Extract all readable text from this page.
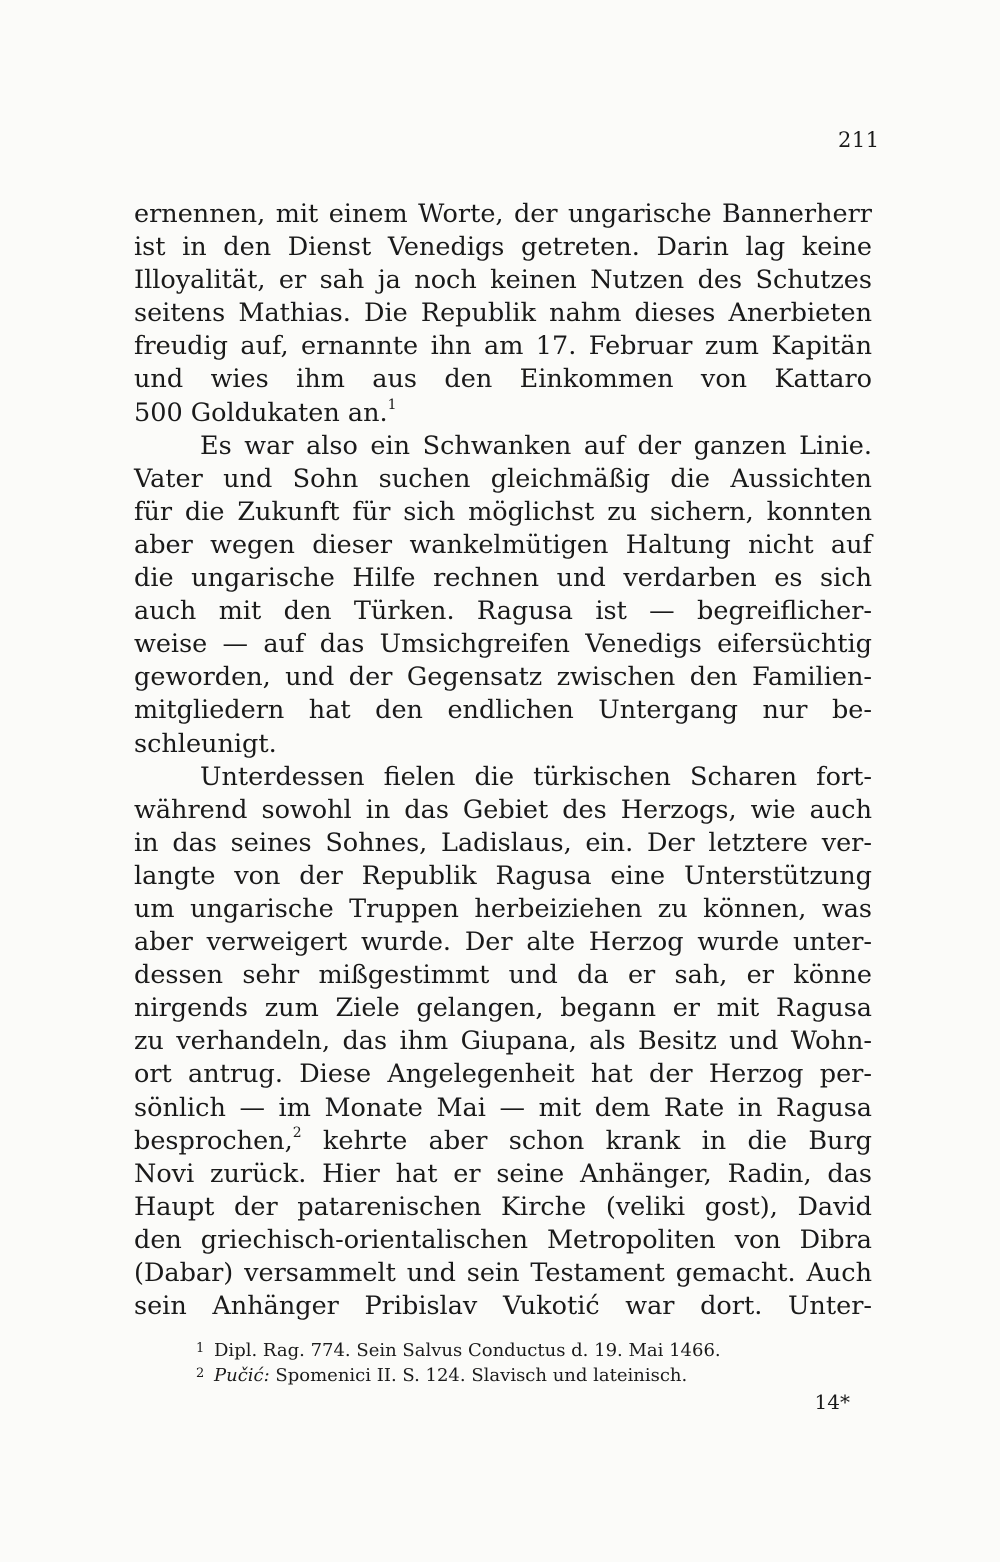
211
ernennen, mit einem Worte, der ungarische Bannerherr
ist in den Dienst Venedigs getreten. Darin lag keine
Illoyalität, er sah ja noch keinen Nutzen des Schutzes
seitens Mathias. Die Republik nahm dieses Anerbieten
freudig auf, ernannte ihn am 17. Februar zum Kapitän
und wies ihm aus den Einkommen von Kattaro
500 Goldukaten an.$^1$
Es war also ein Schwanken auf der ganzen Linie.
Vater und Sohn suchen gleichmäßig die Aussichten
für die Zukunft für sich möglichst zu sichern, konnten
aber wegen dieser wankelmütigen Haltung nicht auf
die ungarische Hilfe rechnen und verdarben es sich
auch mit den Türken. Ragusa ist — begreiflicher-
weise — auf das Umsichgreifen Venedigs eifersüchtig
geworden, und der Gegensatz zwischen den Familien-
mitgliedern hat den endlichen Untergang nur be-
schleunigt.
Unterdessen fielen die türkischen Scharen fort-
während sowohl in das Gebiet des Herzogs, wie auch
in das seines Sohnes, Ladislaus, ein. Der letztere ver-
langte von der Republik Ragusa eine Unterstützung
um ungarische Truppen herbeiziehen zu können, was
aber verweigert wurde. Der alte Herzog wurde unter-
dessen sehr mißgestimmt und da er sah, er könne
nirgends zum Ziele gelangen, begann er mit Ragusa
zu verhandeln, das ihm Giupana, als Besitz und Wohn-
ort antrug. Diese Angelegenheit hat der Herzog per-
sönlich — im Monate Mai — mit dem Rate in Ragusa
besprochen,$^2$ kehrte aber schon krank in die Burg
Novi zurück. Hier hat er seine Anhänger, Radin, das
Haupt der patarenischen Kirche (veliki gost), David
den griechisch-orientalischen Metropoliten von Dibra
(Dabar) versammelt und sein Testament gemacht. Auch
sein Anhänger Pribislav Vukotić war dort. Unter-
1 Dipl. Rag. 774. Sein Salvus Conductus d. 19. Mai 1466.
2 Pučić: Spomenici II. S. 124. Slavisch und lateinisch.
14*
